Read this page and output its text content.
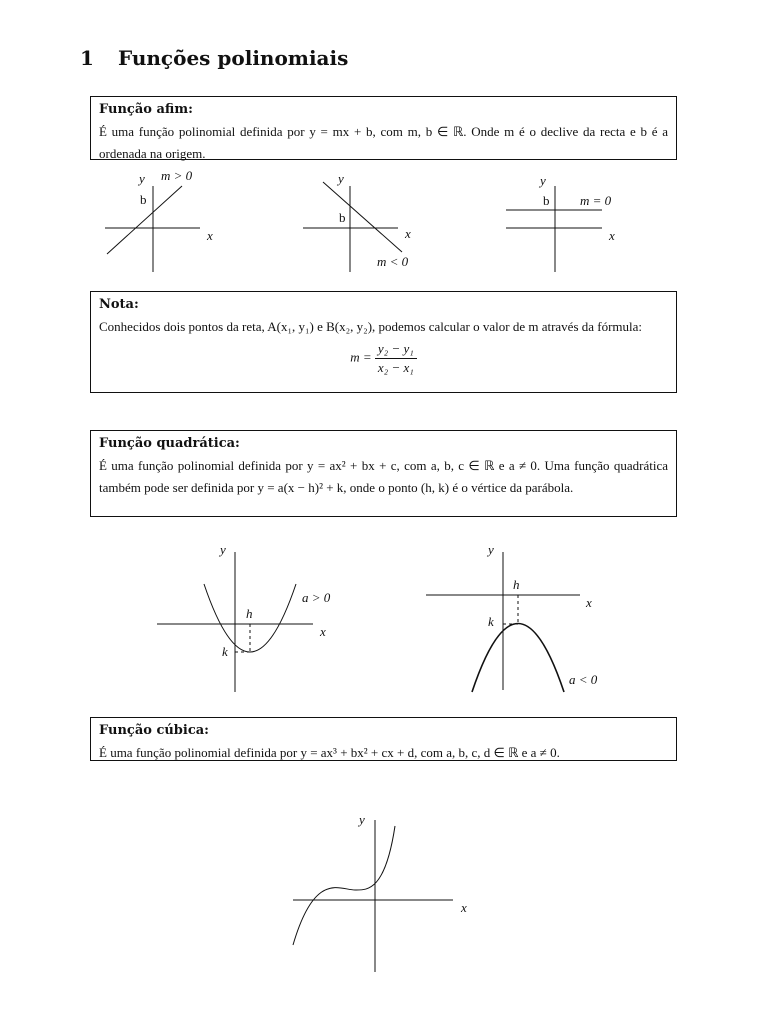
1 Funções polinomiais
Função afim:

É uma função polinomial definida por y = mx + b, com m, b ∈ ℝ. Onde m é o declive da recta e b é a ordenada na origem.

y
x
b
m > 0	y
x
b
m < 0
y
x
b m = 0
Nota:

Conhecidos dois pontos da reta, A(x₁, y₁) e B(x₂, y₂), podemos calcular o valor de m através da fórmula:

$m = \frac{\text{y₂ − y₁}}{\text{x₂ − x₁}}$
Função quadrática:

É uma função polinomial definida por y = ax² + bx + c, com a, b, c ∈ ℝ e a ≠ 0. Uma função quadrática também pode ser definida por y = a(x − h)² + k, onde o ponto (h, k) é o vértice da parábola.

y
x
h
k
a > 0
y
x
h
k
a < 0
Função cúbica:

É uma função polinomial definida por y = ax³ + bx² + cx + d, com a, b, c, d ∈ ℝ e a ≠ 0.

y
x
